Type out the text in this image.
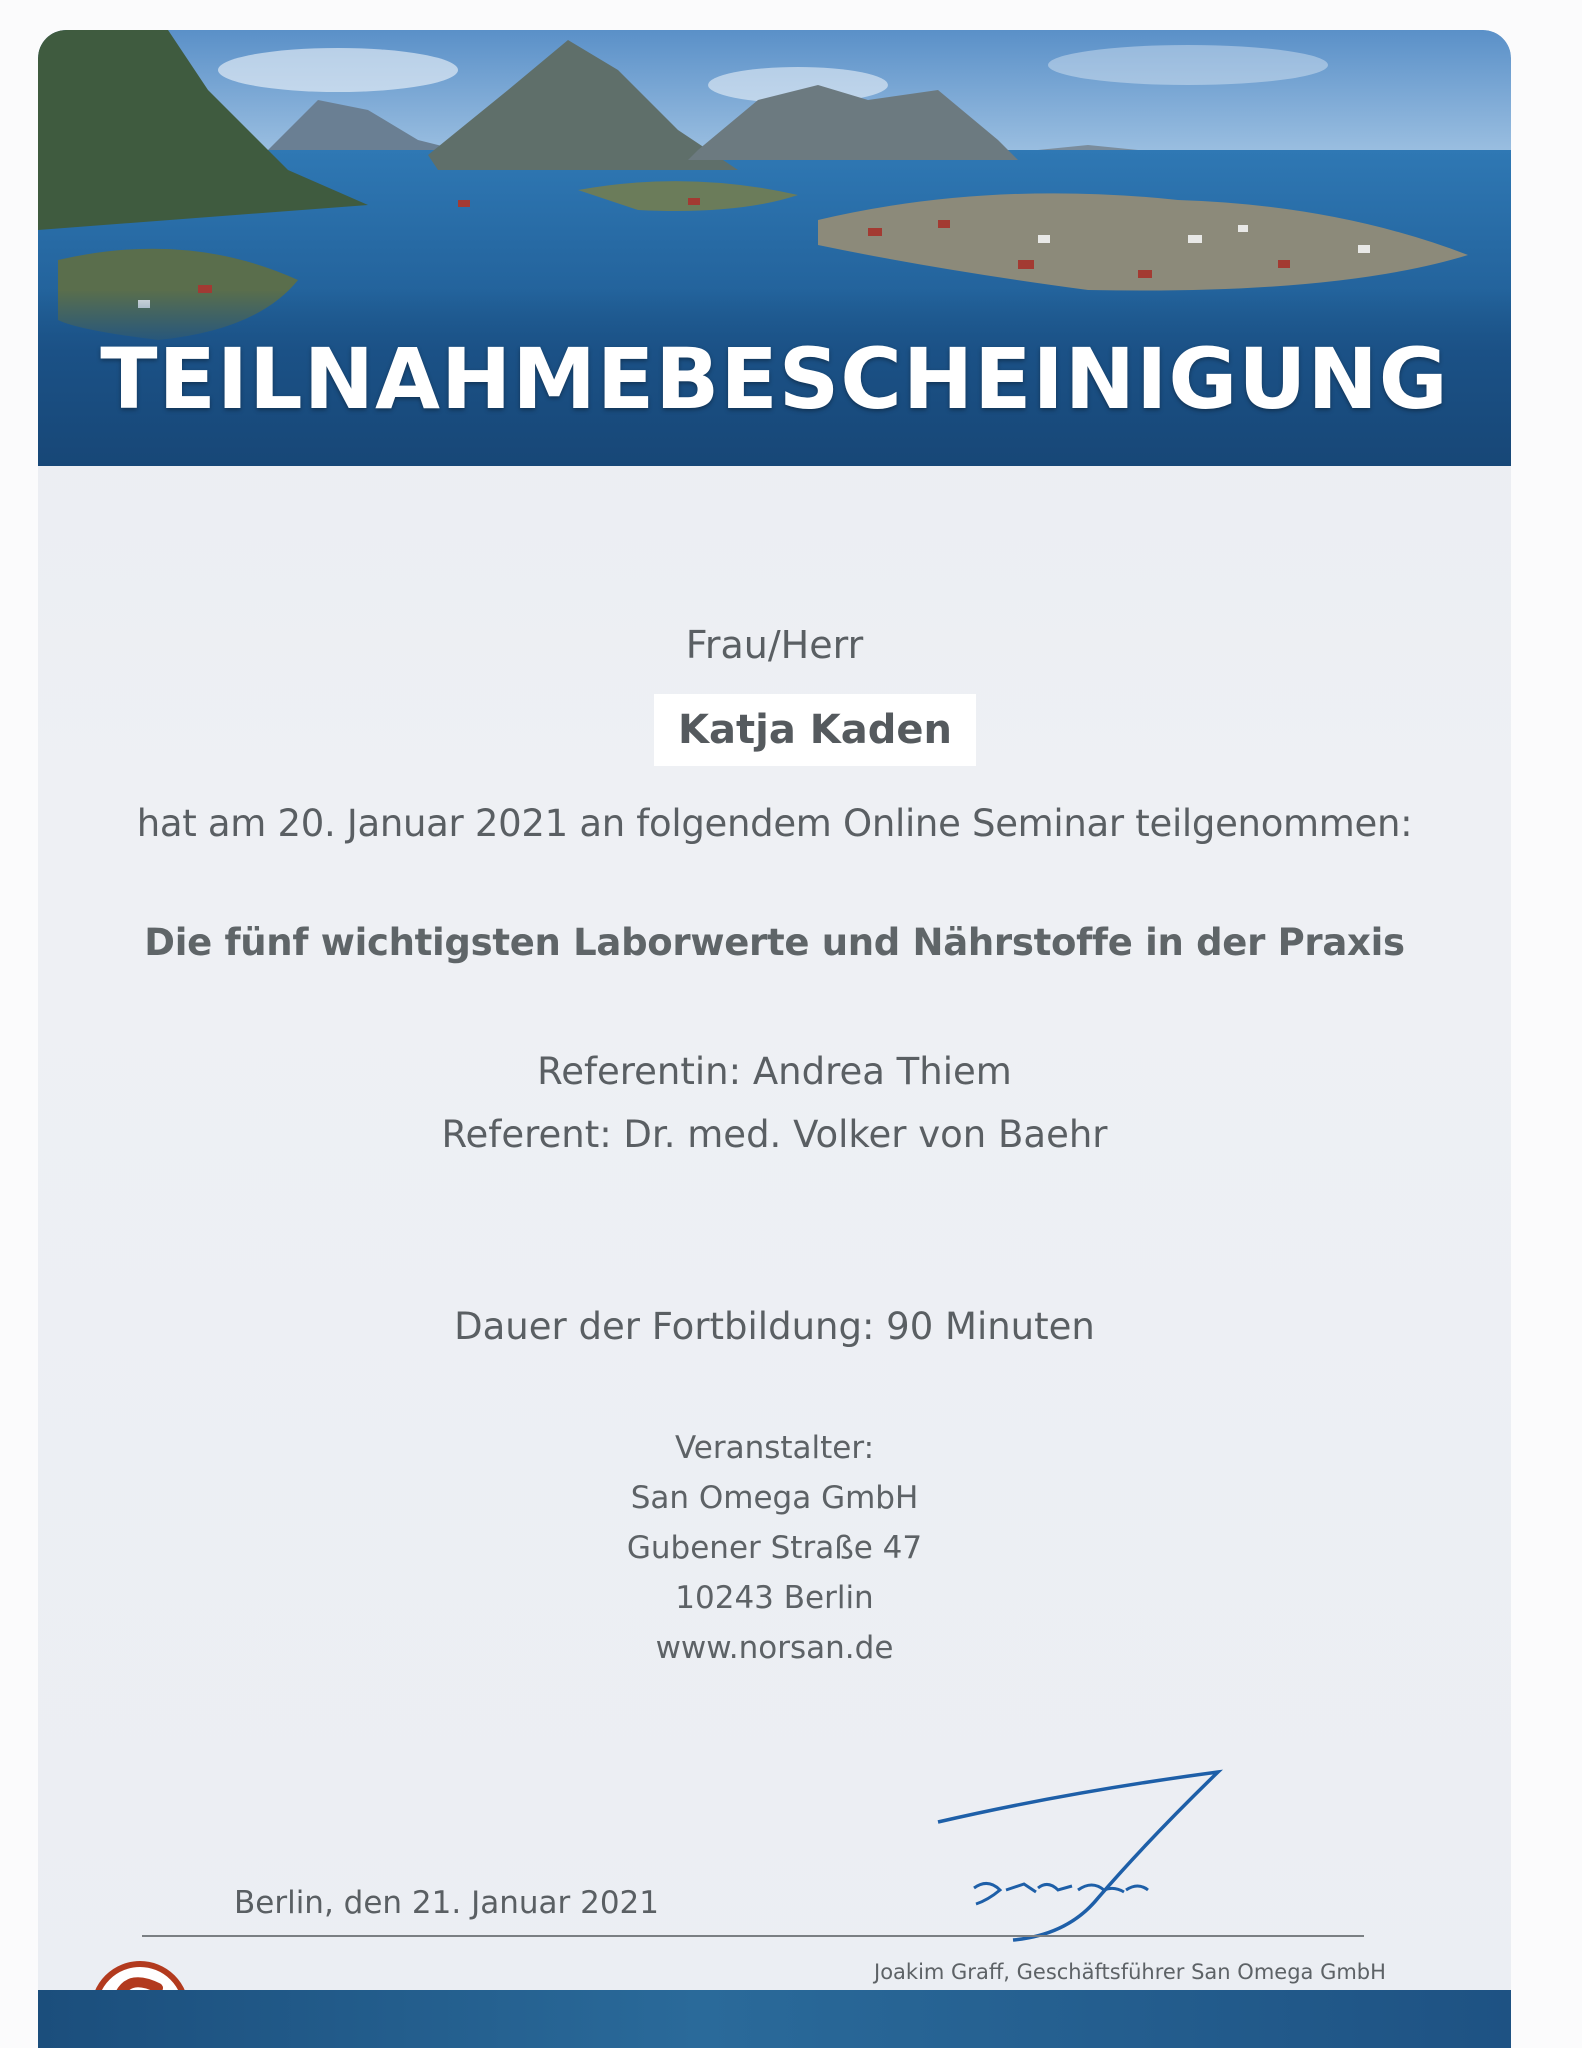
TEILNAHMEBESCHEINIGUNG
Frau/Herr
Katja Kaden
hat am 20. Januar 2021 an folgendem Online Seminar teilgenommen:
Die fünf wichtigsten Laborwerte und Nährstoffe in der Praxis
Referentin: Andrea Thiem
Referent: Dr. med. Volker von Baehr
Dauer der Fortbildung: 90 Minuten
Veranstalter:
San Omega GmbH
Gubener Straße 47
10243 Berlin
www.norsan.de
Berlin, den 21. Januar 2021
Joakim Graff, Geschäftsführer San Omega GmbH
